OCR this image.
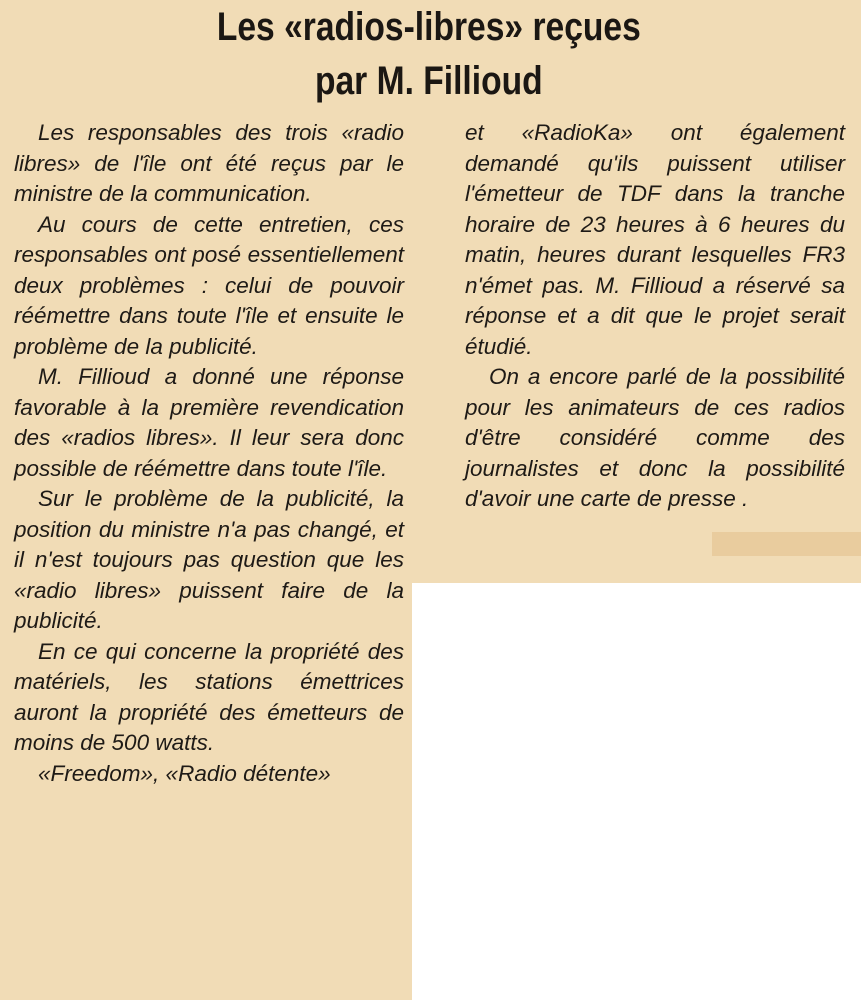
Les «radios-libres» reçues
par M. Fillioud

Les responsables des trois «radio libres» de l'île ont été reçus par le ministre de la communication.

Au cours de cette entretien, ces responsables ont posé essentiellement deux problèmes : celui de pouvoir réémettre dans toute l'île et ensuite le problème de la publicité.

M. Fillioud a donné une réponse favorable à la première revendication des «radios libres». Il leur sera donc possible de réémettre dans toute l'île.

Sur le problème de la publicité, la position du ministre n'a pas changé, et il n'est toujours pas question que les «radio libres» puissent faire de la publicité.

En ce qui concerne la propriété des matériels, les stations émettrices auront la propriété des émetteurs de moins de 500 watts.

«Freedom», «Radio détente»

et «RadioKa» ont également demandé qu'ils puissent utiliser l'émetteur de TDF dans la tranche horaire de 23 heures à 6 heures du matin, heures durant lesquelles FR3 n'émet pas. M. Fillioud a réservé sa réponse et a dit que le projet serait étudié.

On a encore parlé de la possibilité pour les animateurs de ces radios d'être considéré comme des journalistes et donc la possibilité d'avoir une carte de presse .
